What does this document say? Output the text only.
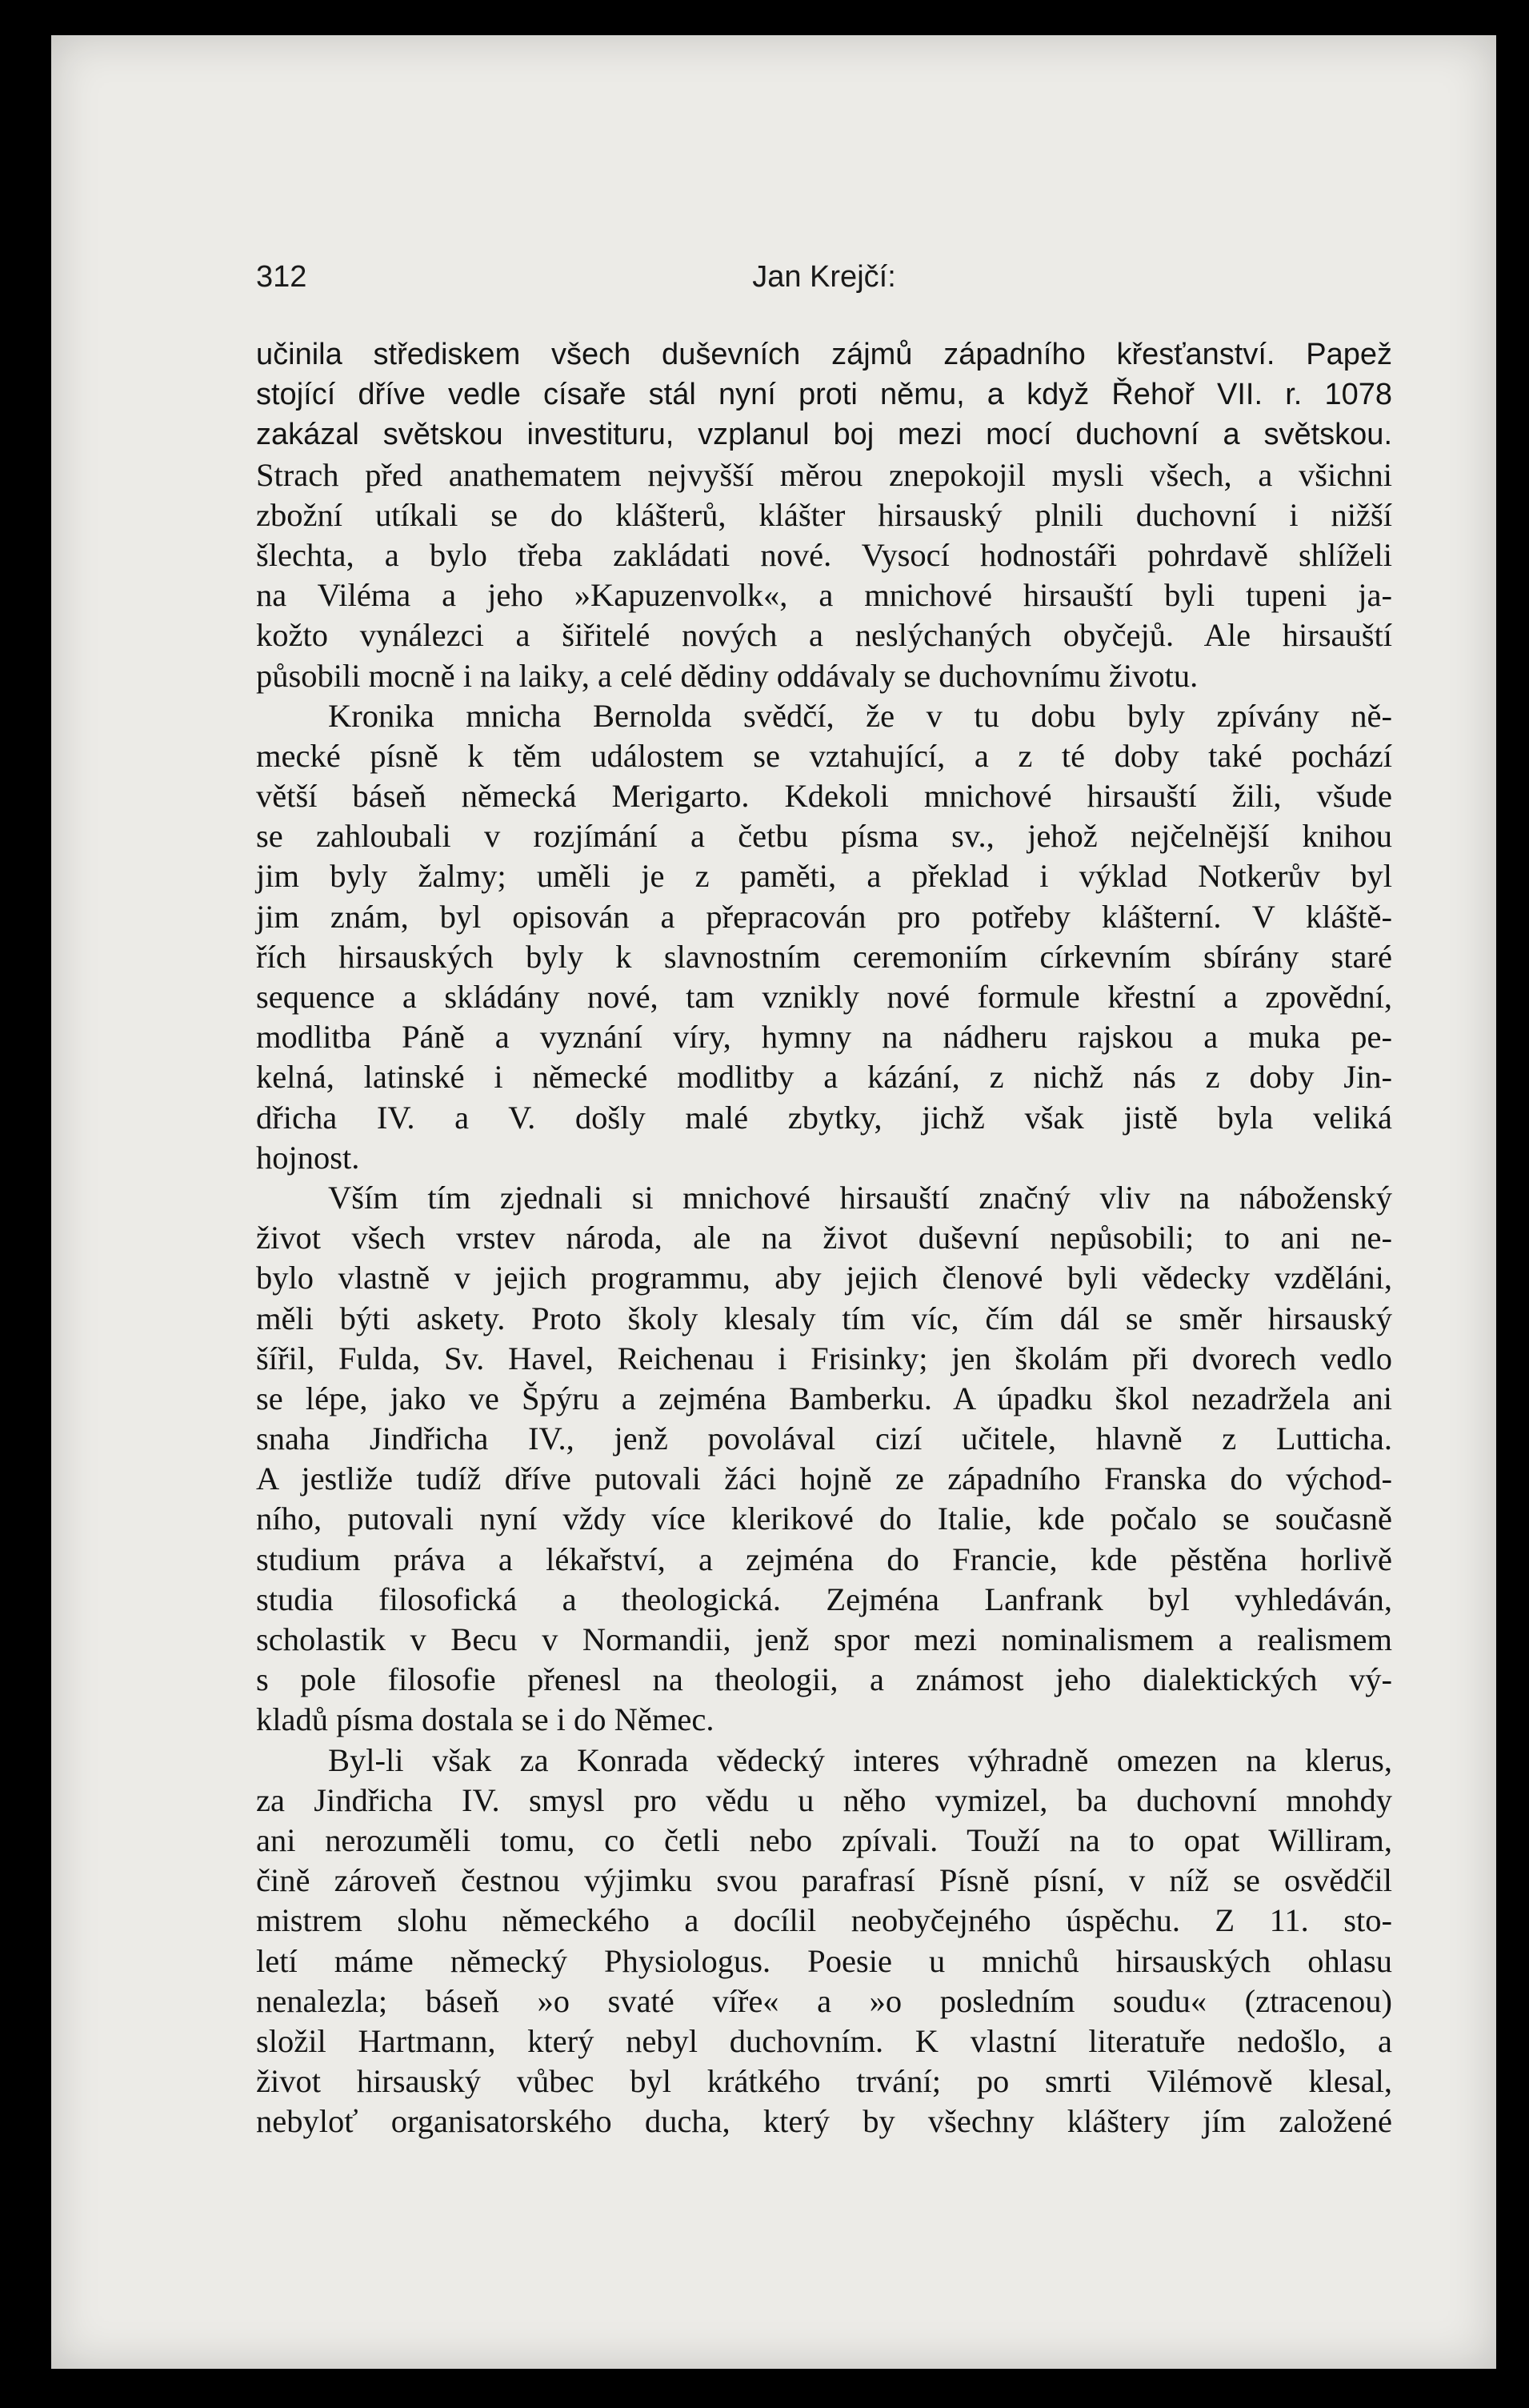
312	Jan Krejčí:
učinila střediskem všech duševních zájmů západního křesťanství. Papež
stojící dříve vedle císaře stál nyní proti němu, a když Řehoř VII. r. 1078
zakázal světskou investituru, vzplanul boj mezi mocí duchovní a světskou.
Strach před anathematem nejvyšší měrou znepokojil mysli všech, a všichni
zbožní utíkali se do klášterů, klášter hirsauský plnili duchovní i nižší
šlechta, a bylo třeba zakládati nové. Vysocí hodnostáři pohrdavě shlíželi
na Viléma a jeho »Kapuzenvolk«, a mnichové hirsauští byli tupeni ja-
kožto vynálezci a šiřitelé nových a neslýchaných obyčejů. Ale hirsauští
působili mocně i na laiky, a celé dědiny oddávaly se duchovnímu životu.
Kronika mnicha Bernolda svědčí, že v tu dobu byly zpívány ně-
mecké písně k těm událostem se vztahující, a z té doby také pochází
větší báseň německá Merigarto. Kdekoli mnichové hirsauští žili, všude
se zahloubali v rozjímání a četbu písma sv., jehož nejčelnější knihou
jim byly žalmy; uměli je z paměti, a překlad i výklad Notkerův byl
jim znám, byl opisován a přepracován pro potřeby klášterní. V kláště-
řích hirsauských byly k slavnostním ceremoniím církevním sbírány staré
sequence a skládány nové, tam vznikly nové formule křestní a zpovědní,
modlitba Páně a vyznání víry, hymny na nádheru rajskou a muka pe-
kelná, latinské i německé modlitby a kázání, z nichž nás z doby Jin-
dřicha IV. a V. došly malé zbytky, jichž však jistě byla veliká
hojnost.
Vším tím zjednali si mnichové hirsauští značný vliv na náboženský
život všech vrstev národa, ale na život duševní nepůsobili; to ani ne-
bylo vlastně v jejich programmu, aby jejich členové byli vědecky vzděláni,
měli býti askety. Proto školy klesaly tím víc, čím dál se směr hirsauský
šířil, Fulda, Sv. Havel, Reichenau i Frisinky; jen školám při dvorech vedlo
se lépe, jako ve Špýru a zejména Bamberku. A úpadku škol nezadržela ani
snaha Jindřicha IV., jenž povolával cizí učitele, hlavně z Lutticha.
A jestliže tudíž dříve putovali žáci hojně ze západního Franska do východ-
ního, putovali nyní vždy více klerikové do Italie, kde počalo se současně
studium práva a lékařství, a zejména do Francie, kde pěstěna horlivě
studia filosofická a theologická. Zejména Lanfrank byl vyhledáván,
scholastik v Becu v Normandii, jenž spor mezi nominalismem a realismem
s pole filosofie přenesl na theologii, a známost jeho dialektických vý-
kladů písma dostala se i do Němec.
Byl-li však za Konrada vědecký interes výhradně omezen na klerus,
za Jindřicha IV. smysl pro vědu u něho vymizel, ba duchovní mnohdy
ani nerozuměli tomu, co četli nebo zpívali. Touží na to opat Williram,
čině zároveň čestnou výjimku svou parafrasí Písně písní, v níž se osvědčil
mistrem slohu německého a docílil neobyčejného úspěchu. Z 11. sto-
letí máme německý Physiologus. Poesie u mnichů hirsauských ohlasu
nenalezla; báseň »o svaté víře« a »o posledním soudu« (ztracenou)
složil Hartmann, který nebyl duchovním. K vlastní literatuře nedošlo, a
život hirsauský vůbec byl krátkého trvání; po smrti Vilémově klesal,
nebyloť organisatorského ducha, který by všechny kláštery jím založené
